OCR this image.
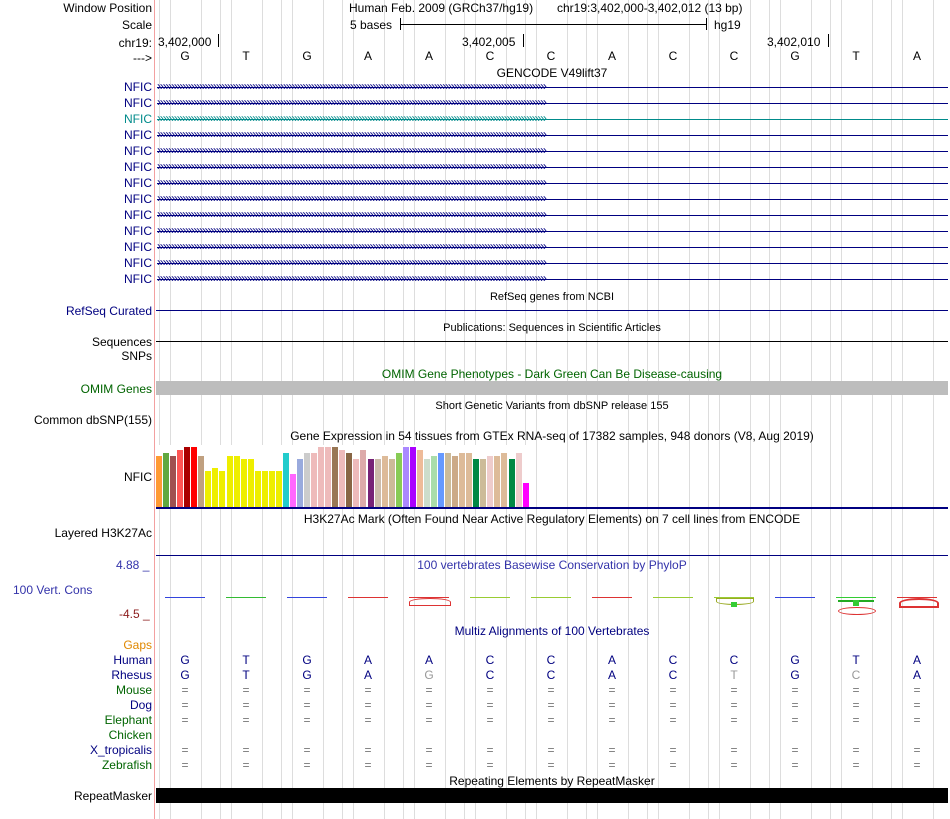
Window Position
Scale
chr19:
--->
Human Feb. 2009 (GRCh37/hg19) chr19:3,402,000-3,402,012 (13 bp)
5 bases	hg19
3,402,000	3,402,005	3,402,010
G	T	G	A	A	C	C	A	C	C	G	T	A
GENCODE V49lift37
NFIC ›››››››››››››››››››››››››››››››››››››››››››››››››››››››››››››››››››››››››››››››››››››››››››››››››››››››››››››››››››››››››››››››››››››››››››
NFIC ›››››››››››››››››››››››››››››››››››››››››››››››››››››››››››››››››››››››››››››››››››››››››››››››››››››››››››››››››››››››››››››››››››››››››››
NFIC ›››››››››››››››››››››››››››››››››››››››››››››››››››››››››››››››››››››››››››››››››››››››››››››››››››››››››››››››››››››››››››››››››››››››››››
NFIC ›››››››››››››››››››››››››››››››››››››››››››››››››››››››››››››››››››››››››››››››››››››››››››››››››››››››››››››››››››››››››››››››››››››››››››
NFIC ›››››››››››››››››››››››››››››››››››››››››››››››››››››››››››››››››››››››››››››››››››››››››››››››››››››››››››››››››››››››››››››››››››››››››››
NFIC ›››››››››››››››››››››››››››››››››››››››››››››››››››››››››››››››››››››››››››››››››››››››››››››››››››››››››››››››››››››››››››››››››››››››››››
NFIC ›››››››››››››››››››››››››››››››››››››››››››››››››››››››››››››››››››››››››››››››››››››››››››››››››››››››››››››››››››››››››››››››››››››››››››
NFIC ›››››››››››››››››››››››››››››››››››››››››››››››››››››››››››››››››››››››››››››››››››››››››››››››››››››››››››››››››››››››››››››››››››››››››››
NFIC ›››››››››››››››››››››››››››››››››››››››››››››››››››››››››››››››››››››››››››››››››››››››››››››››››››››››››››››››››››››››››››››››››››››››››››
NFIC ›››››››››››››››››››››››››››››››››››››››››››››››››››››››››››››››››››››››››››››››››››››››››››››››››››››››››››››››››››››››››››››››››››››››››››
NFIC ›››››››››››››››››››››››››››››››››››››››››››››››››››››››››››››››››››››››››››››››››››››››››››››››››››››››››››››››››››››››››››››››››››››››››››
NFIC ›››››››››››››››››››››››››››››››››››››››››››››››››››››››››››››››››››››››››››››››››››››››››››››››››››››››››››››››››››››››››››››››››››››››››››
NFIC ›››››››››››››››››››››››››››››››››››››››››››››››››››››››››››››››››››››››››››››››››››››››››››››››››››››››››››››››››››››››››››››››››››››››››››
RefSeq genes from NCBI
RefSeq Curated
Publications: Sequences in Scientific Articles
Sequences
SNPs
OMIM Gene Phenotypes - Dark Green Can Be Disease-causing
OMIM Genes
Short Genetic Variants from dbSNP release 155
Common dbSNP(155)
Gene Expression in 54 tissues from GTEx RNA-seq of 17382 samples, 948 donors (V8, Aug 2019)
NFIC
H3K27Ac Mark (Often Found Near Active Regulatory Elements) on 7 cell lines from ENCODE
Layered H3K27Ac
100 vertebrates Basewise Conservation by PhyloP
4.88 _
100 Vert. Cons
-4.5 _
Multiz Alignments of 100 Vertebrates
Gaps
Human	G	T	G	A	A	C	C	A	C	C	G	T	A
Rhesus	G	T	G	A	G	C	C	A	C	T	G	C	A
Mouse	=	=	=	=	=	=	=	=	=	=	=	=	=
Dog	=	=	=	=	=	=	=	=	=	=	=	=	=
Elephant	=	=	=	=	=	=	=	=	=	=	=	=	=
Chicken
X_tropicalis	=	=	=	=	=	=	=	=	=	=	=	=	=
Zebrafish	=	=	=	=	=	=	=	=	=	=	=	=	=
Repeating Elements by RepeatMasker
RepeatMasker
